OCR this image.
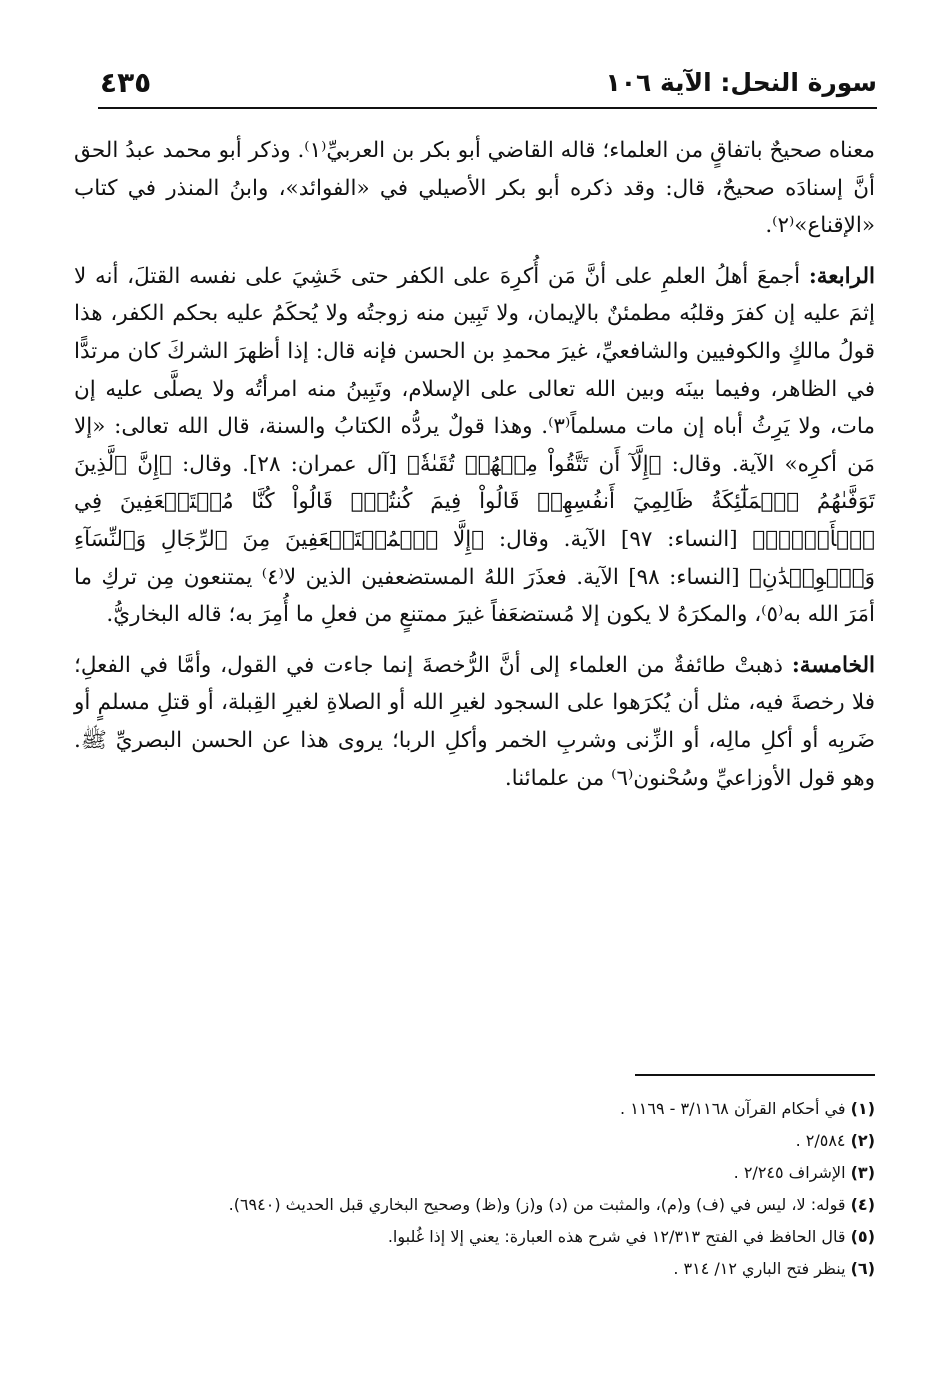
سورة النحل: الآية ١٠٦
٤٣٥

معناه صحيحٌ باتفاقٍ من العلماء؛ قاله القاضي أبو بكر بن العربيِّ⁽١⁾. وذكر أبو محمد عبدُ الحق أنَّ إسنادَه صحيحٌ، قال: وقد ذكره أبو بكر الأصيلي في «الفوائد»، وابنُ المنذر في كتاب «الإقناع»⁽٢⁾.

الرابعة: أجمعَ أهلُ العلمِ على أنَّ مَن أُكرِهَ على الكفر حتى خَشِيَ على نفسه القتلَ، أنه لا إثمَ عليه إن كفرَ وقلبُه مطمئنٌ بالإيمان، ولا تَبِين منه زوجتُه ولا يُحكَمُ عليه بحكم الكفر، هذا قولُ مالكٍ والكوفيين والشافعيِّ، غيرَ محمدِ بن الحسن فإنه قال: إذا أظهرَ الشركَ كان مرتدًّا في الظاهر، وفيما بينَه وبين الله تعالى على الإسلام، وتَبِينُ منه امرأتُه ولا يصلَّى عليه إن مات، ولا يَرِثُ أباه إن مات مسلماً⁽٣⁾. وهذا قولٌ يردُّه الكتابُ والسنة، قال الله تعالى: «إلا مَن أكرِه» الآية. وقال: ﴿إِلَّآ أَن تَتَّقُواْ مِنۡهُمۡ تُقَىٰةٗ﴾ [آل عمران: ٢٨]. وقال: ﴿إِنَّ ٱلَّذِينَ تَوَفَّىٰهُمُ ٱلۡمَلَٰٓئِكَةُ ظَالِمِيٓ أَنفُسِهِمۡ قَالُواْ فِيمَ كُنتُمۡۖ قَالُواْ كُنَّا مُسۡتَضۡعَفِينَ فِي ٱلۡأَرۡضِۚ﴾ [النساء: ٩٧] الآية. وقال: ﴿إِلَّا ٱلۡمُسۡتَضۡعَفِينَ مِنَ ٱلرِّجَالِ وَٱلنِّسَآءِ وَٱلۡوِلۡدَٰنِ﴾ [النساء: ٩٨] الآية. فعذَرَ اللهُ المستضعفين الذين لا⁽٤⁾ يمتنعون مِن تركِ ما أمَرَ الله به⁽٥⁾، والمكرَهُ لا يكون إلا مُستضعَفاً غيرَ ممتنعٍ من فعلِ ما أُمِرَ به؛ قاله البخاريُّ.

الخامسة: ذهبتْ طائفةٌ من العلماء إلى أنَّ الرُّخصةَ إنما جاءت في القول، وأمَّا في الفعلِ؛ فلا رخصةَ فيه، مثل أن يُكرَهوا على السجود لغيرِ الله أو الصلاةِ لغيرِ القِبلة، أو قتلِ مسلمٍ أو ضَربِه أو أكلِ مالِه، أو الزِّنى وشربِ الخمر وأكلِ الربا؛ يروى هذا عن الحسن البصريِّ ﷺ. وهو قول الأوزاعيِّ وسُحْنون⁽٦⁾ من علمائنا.

(١) في أحكام القرآن ٣/١١٦٨ - ١١٦٩ .
(٢) ٢/٥٨٤ .
(٣) الإشراف ٢/٢٤٥ .
(٤) قوله: لا، ليس في (ف) و(م)، والمثبت من (د) و(ز) و(ظ) وصحيح البخاري قبل الحديث (٦٩٤٠).
(٥) قال الحافظ في الفتح ١٢/٣١٣ في شرح هذه العبارة: يعني إلا إذا غُلبوا.
(٦) ينظر فتح الباري ١٢/ ٣١٤ .
